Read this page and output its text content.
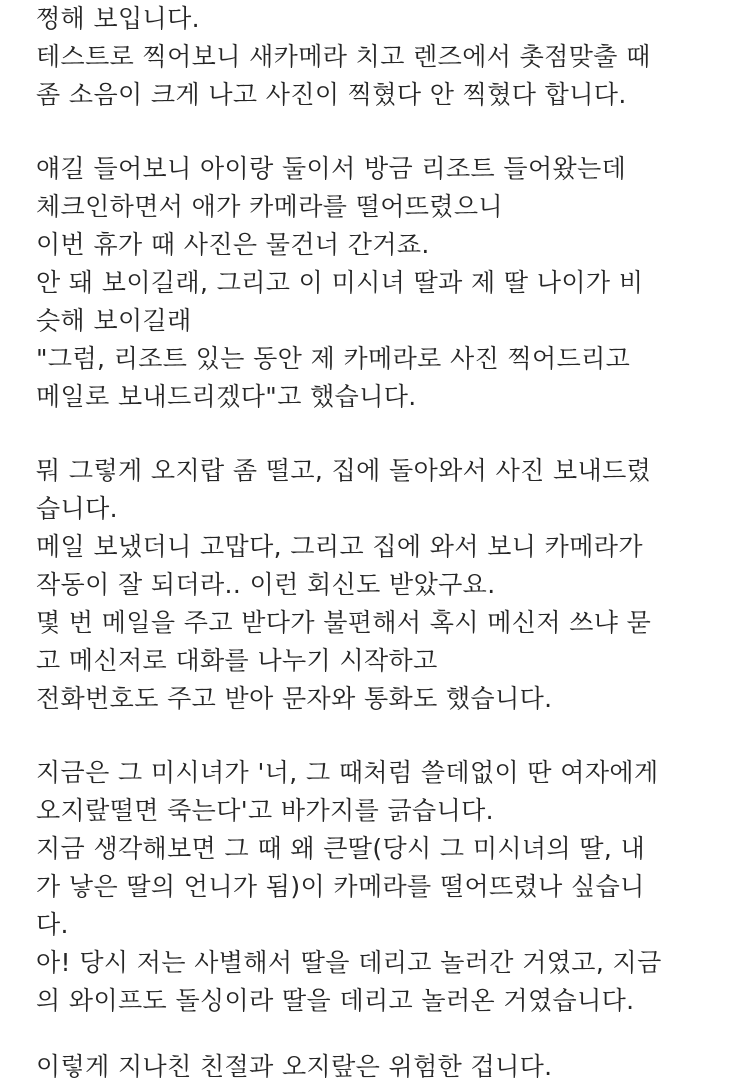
쩡해 보입니다.
테스트로 찍어보니 새카메라 치고 렌즈에서 촛점맞출 때
좀 소음이 크게 나고 사진이 찍혔다 안 찍혔다 합니다.
얘길 들어보니 아이랑 둘이서 방금 리조트 들어왔는데
체크인하면서 애가 카메라를 떨어뜨렸으니
이번 휴가 때 사진은 물건너 간거죠.
안 돼 보이길래, 그리고 이 미시녀 딸과 제 딸 나이가 비
슷해 보이길래
"그럼, 리조트 있는 동안 제 카메라로 사진 찍어드리고
메일로 보내드리겠다"고 했습니다.
뭐 그렇게 오지랍 좀 떨고, 집에 돌아와서 사진 보내드렸
습니다.
메일 보냈더니 고맙다, 그리고 집에 와서 보니 카메라가
작동이 잘 되더라.. 이런 회신도 받았구요.
몇 번 메일을 주고 받다가 불편해서 혹시 메신저 쓰냐 묻
고 메신저로 대화를 나누기 시작하고
전화번호도 주고 받아 문자와 통화도 했습니다.
지금은 그 미시녀가 '너, 그 때처럼 쓸데없이 딴 여자에게
오지랖떨면 죽는다'고 바가지를 긁습니다.
지금 생각해보면 그 때 왜 큰딸(당시 그 미시녀의 딸, 내
가 낳은 딸의 언니가 됨)이 카메라를 떨어뜨렸나 싶습니
다.
아! 당시 저는 사별해서 딸을 데리고 놀러간 거였고, 지금
의 와이프도 돌싱이라 딸을 데리고 놀러온 거였습니다.
이렇게 지나친 친절과 오지랖은 위험한 겁니다.
